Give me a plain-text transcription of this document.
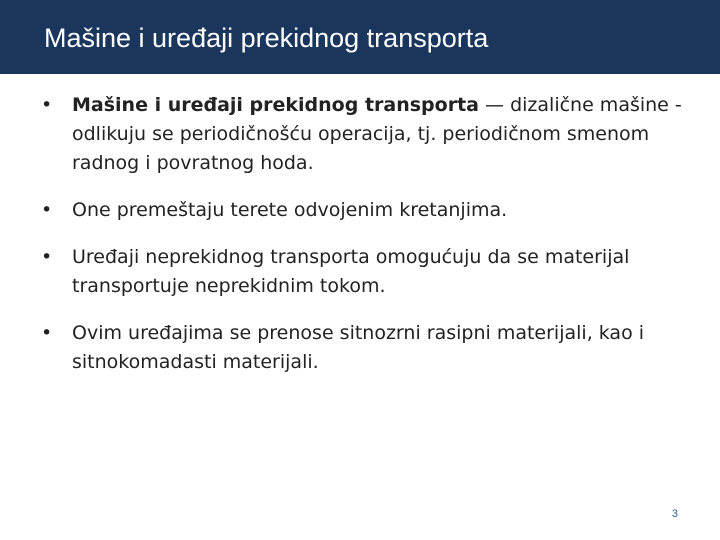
Mašine i uređaji prekidnog transporta
•	Mašine i uređaji prekidnog transporta — dizalične mašine - odlikuju se periodičnošću operacija, tj. periodičnom smenom radnog i povratnog hoda.
•	One premeštaju terete odvojenim kretanjima.
•	Uređaji neprekidnog transporta omogućuju da se materijal transportuje neprekidnim tokom.
•	Ovim uređajima se prenose sitnozrni rasipni materijali, kao i sitnokomadasti materijali.
3
